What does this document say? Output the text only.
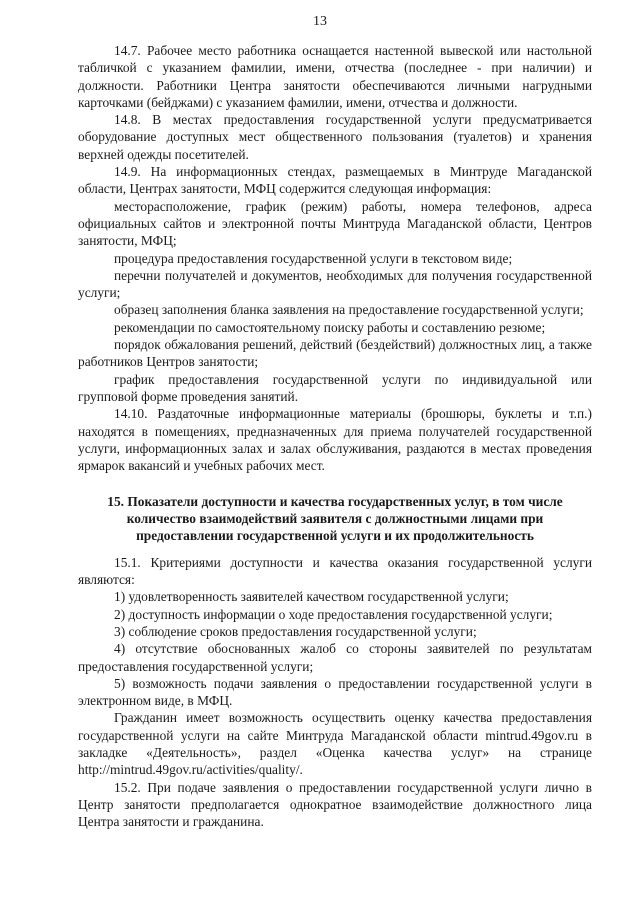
13

14.7. Рабочее место работника оснащается настенной вывеской или настольной табличкой с указанием фамилии, имени, отчества (последнее - при наличии) и должности. Работники Центра занятости обеспечиваются личными нагрудными карточками (бейджами) с указанием фамилии, имени, отчества и должности.

14.8. В местах предоставления государственной услуги предусматривается оборудование доступных мест общественного пользования (туалетов) и хранения верхней одежды посетителей.

14.9. На информационных стендах, размещаемых в Минтруде Магаданской области, Центрах занятости, МФЦ содержится следующая информация:

месторасположение, график (режим) работы, номера телефонов, адреса официальных сайтов и электронной почты Минтруда Магаданской области, Центров занятости, МФЦ;

процедура предоставления государственной услуги в текстовом виде;

перечни получателей и документов, необходимых для получения государственной услуги;

образец заполнения бланка заявления на предоставление государственной услуги;

рекомендации по самостоятельному поиску работы и составлению резюме;

порядок обжалования решений, действий (бездействий) должностных лиц, а также работников Центров занятости;

график предоставления государственной услуги по индивидуальной или групповой форме проведения занятий.

14.10. Раздаточные информационные материалы (брошюры, буклеты и т.п.) находятся в помещениях, предназначенных для приема получателей государственной услуги, информационных залах и залах обслуживания, раздаются в местах проведения ярмарок вакансий и учебных рабочих мест.

15. Показатели доступности и качества государственных услуг, в том числе количество взаимодействий заявителя с должностными лицами при предоставлении государственной услуги и их продолжительность

15.1. Критериями доступности и качества оказания государственной услуги являются:

1) удовлетворенность заявителей качеством государственной услуги;

2) доступность информации о ходе предоставления государственной услуги;

3) соблюдение сроков предоставления государственной услуги;

4) отсутствие обоснованных жалоб со стороны заявителей по результатам предоставления государственной услуги;

5) возможность подачи заявления о предоставлении государственной услуги в электронном виде, в МФЦ.

Гражданин имеет возможность осуществить оценку качества предоставления государственной услуги на сайте Минтруда Магаданской области mintrud.49gov.ru в закладке «Деятельность», раздел «Оценка качества услуг» на странице http://mintrud.49gov.ru/activities/quality/.

15.2. При подаче заявления о предоставлении государственной услуги лично в Центр занятости предполагается однократное взаимодействие должностного лица Центра занятости и гражданина.
